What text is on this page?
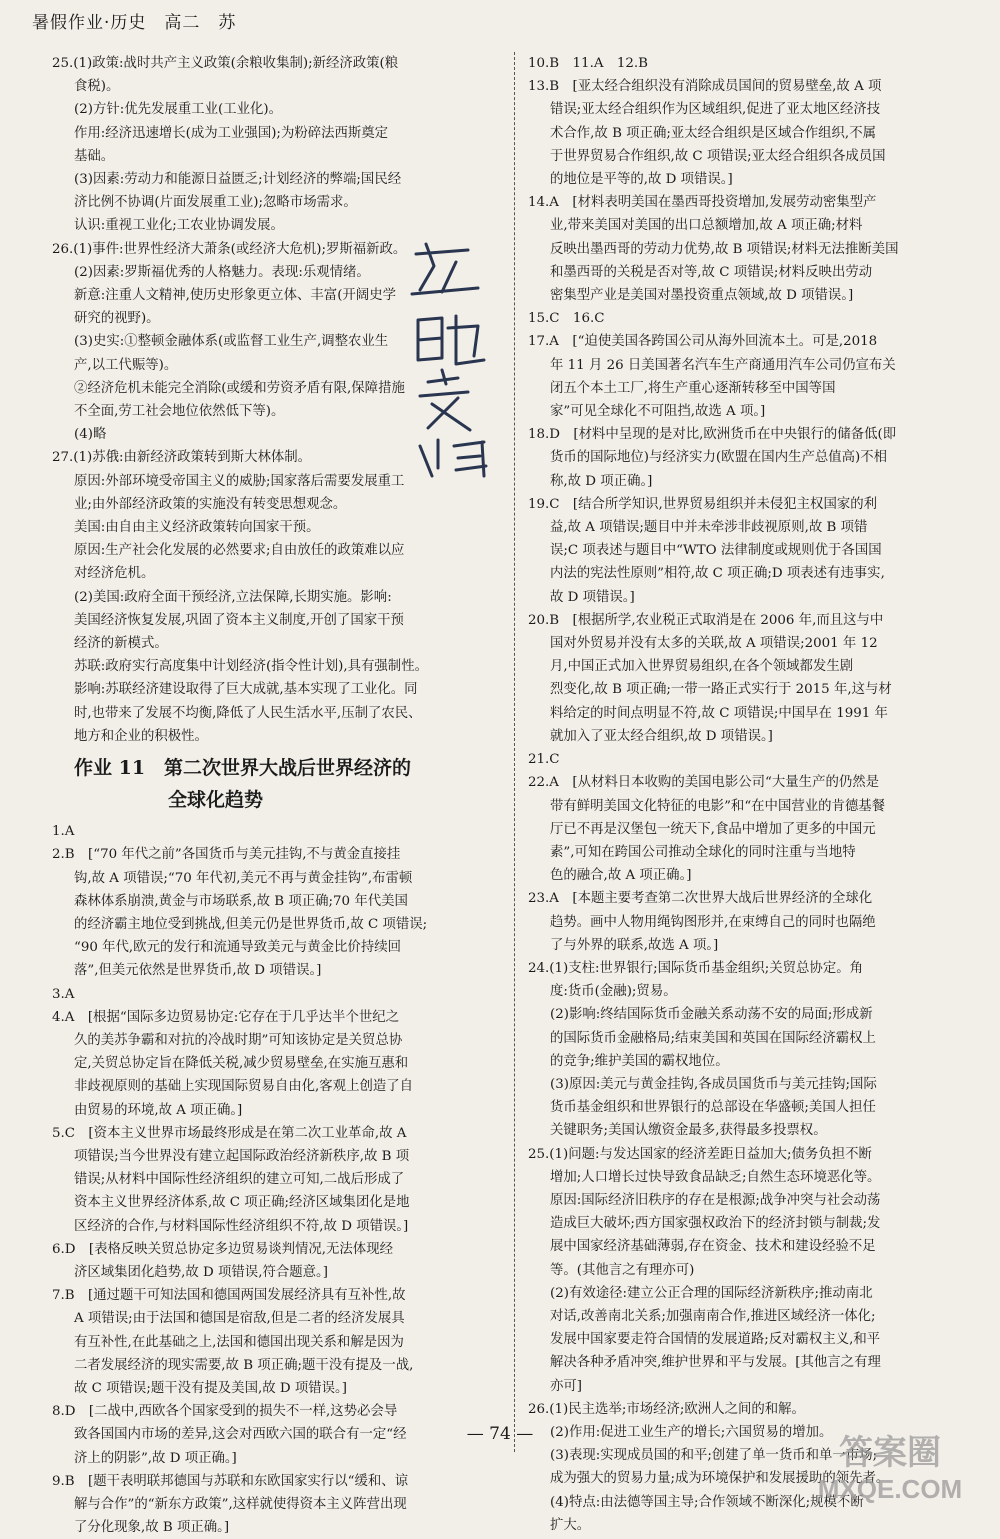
暑假作业·历史　高二　苏
25.(1)政策:战时共产主义政策(余粮收集制);新经济政策(粮
食税)。
(2)方针:优先发展重工业(工业化)。
作用:经济迅速增长(成为工业强国);为粉碎法西斯奠定
基础。
(3)因素:劳动力和能源日益匮乏;计划经济的弊端;国民经
济比例不协调(片面发展重工业);忽略市场需求。
认识:重视工业化;工农业协调发展。
26.(1)事件:世界性经济大萧条(或经济大危机);罗斯福新政。
(2)因素:罗斯福优秀的人格魅力。表现:乐观情绪。
新意:注重人文精神,使历史形象更立体、丰富(开阔史学
研究的视野)。
(3)史实:①整顿金融体系(或监督工业生产,调整农业生
产,以工代赈等)。
②经济危机未能完全消除(或缓和劳资矛盾有限,保障措施
不全面,劳工社会地位依然低下等)。
(4)略
27.(1)苏俄:由新经济政策转到斯大林体制。
原因:外部环境受帝国主义的威胁;国家落后需要发展重工
业;由外部经济政策的实施没有转变思想观念。
美国:由自由主义经济政策转向国家干预。
原因:生产社会化发展的必然要求;自由放任的政策难以应
对经济危机。
(2)美国:政府全面干预经济,立法保障,长期实施。影响:
美国经济恢复发展,巩固了资本主义制度,开创了国家干预
经济的新模式。
苏联:政府实行高度集中计划经济(指令性计划),具有强制性。
影响:苏联经济建设取得了巨大成就,基本实现了工业化。同
时,也带来了发展不均衡,降低了人民生活水平,压制了农民、
地方和企业的积极性。
作业 11　第二次世界大战后世界经济的
全球化趋势
1.A
2.B　[“70 年代之前”各国货币与美元挂钩,不与黄金直接挂
钩,故 A 项错误;“70 年代初,美元不再与黄金挂钩”,布雷顿
森林体系崩溃,黄金与市场联系,故 B 项正确;70 年代美国
的经济霸主地位受到挑战,但美元仍是世界货币,故 C 项错误;
“90 年代,欧元的发行和流通导致美元与黄金比价持续回
落”,但美元依然是世界货币,故 D 项错误。]
3.A
4.A　[根据“国际多边贸易协定:它存在于几乎达半个世纪之
久的美苏争霸和对抗的冷战时期”可知该协定是关贸总协
定,关贸总协定旨在降低关税,减少贸易壁垒,在实施互惠和
非歧视原则的基础上实现国际贸易自由化,客观上创造了自
由贸易的环境,故 A 项正确。]
5.C　[资本主义世界市场最终形成是在第二次工业革命,故 A
项错误;当今世界没有建立起国际政治经济新秩序,故 B 项
错误;从材料中国际性经济组织的建立可知,二战后形成了
资本主义世界经济体系,故 C 项正确;经济区域集团化是地
区经济的合作,与材料国际性经济组织不符,故 D 项错误。]
6.D　[表格反映关贸总协定多边贸易谈判情况,无法体现经
济区域集团化趋势,故 D 项错误,符合题意。]
7.B　[通过题干可知法国和德国两国发展经济具有互补性,故
A 项错误;由于法国和德国是宿敌,但是二者的经济发展具
有互补性,在此基础之上,法国和德国出现关系和解是因为
二者发展经济的现实需要,故 B 项正确;题干没有提及一战,
故 C 项错误;题干没有提及美国,故 D 项错误。]
8.D　[二战中,西欧各个国家受到的损失不一样,这势必会导
致各国国内市场的差异,这会对西欧六国的联合有一定“经
济上的阴影”,故 D 项正确。]
9.B　[题干表明联邦德国与苏联和东欧国家实行以“缓和、谅
解与合作”的“新东方政策”,这样就使得资本主义阵营出现
了分化现象,故 B 项正确。]
10.B　11.A　12.B
13.B　[亚太经合组织没有消除成员国间的贸易壁垒,故 A 项
错误;亚太经合组织作为区域组织,促进了亚太地区经济技
术合作,故 B 项正确;亚太经合组织是区域合作组织,不属
于世界贸易合作组织,故 C 项错误;亚太经合组织各成员国
的地位是平等的,故 D 项错误。]
14.A　[材料表明美国在墨西哥投资增加,发展劳动密集型产
业,带来美国对美国的出口总额增加,故 A 项正确;材料
反映出墨西哥的劳动力优势,故 B 项错误;材料无法推断美国
和墨西哥的关税是否对等,故 C 项错误;材料反映出劳动
密集型产业是美国对墨投资重点领域,故 D 项错误。]
15.C　16.C
17.A　[“迫使美国各跨国公司从海外回流本土。可是,2018
年 11 月 26 日美国著名汽车生产商通用汽车公司仍宣布关
闭五个本土工厂,将生产重心逐渐转移至中国等国
家”可见全球化不可阻挡,故选 A 项。]
18.D　[材料中呈现的是对比,欧洲货币在中央银行的储备低(即
货币的国际地位)与经济实力(欧盟在国内生产总值高)不相
称,故 D 项正确。]
19.C　[结合所学知识,世界贸易组织并未侵犯主权国家的利
益,故 A 项错误;题目中并未牵涉非歧视原则,故 B 项错
误;C 项表述与题目中“WTO 法律制度或规则优于各国国
内法的宪法性原则”相符,故 C 项正确;D 项表述有违事实,
故 D 项错误。]
20.B　[根据所学,农业税正式取消是在 2006 年,而且这与中
国对外贸易并没有太多的关联,故 A 项错误;2001 年 12
月,中国正式加入世界贸易组织,在各个领域都发生剧
烈变化,故 B 项正确;一带一路正式实行于 2015 年,这与材
料给定的时间点明显不符,故 C 项错误;中国早在 1991 年
就加入了亚太经合组织,故 D 项错误。]
21.C
22.A　[从材料日本收购的美国电影公司“大量生产的仍然是
带有鲜明美国文化特征的电影”和“在中国营业的肯德基餐
厅已不再是汉堡包一统天下,食品中增加了更多的中国元
素”,可知在跨国公司推动全球化的同时注重与当地特
色的融合,故 A 项正确。]
23.A　[本题主要考查第二次世界大战后世界经济的全球化
趋势。画中人物用绳钩图形并,在束缚自己的同时也隔绝
了与外界的联系,故选 A 项。]
24.(1)支柱:世界银行;国际货币基金组织;关贸总协定。角
度:货币(金融);贸易。
(2)影响:终结国际货币金融关系动荡不安的局面;形成新
的国际货币金融格局;结束美国和英国在国际经济霸权上
的竞争;维护美国的霸权地位。
(3)原因:美元与黄金挂钩,各成员国货币与美元挂钩;国际
货币基金组织和世界银行的总部设在华盛顿;美国人担任
关键职务;美国认缴资金最多,获得最多投票权。
25.(1)问题:与发达国家的经济差距日益加大;债务负担不断
增加;人口增长过快导致食品缺乏;自然生态环境恶化等。
原因:国际经济旧秩序的存在是根源;战争冲突与社会动荡
造成巨大破坏;西方国家强权政治下的经济封锁与制裁;发
展中国家经济基础薄弱,存在资金、技术和建设经验不足
等。(其他言之有理亦可)
(2)有效途径:建立公正合理的国际经济新秩序;推动南北
对话,改善南北关系;加强南南合作,推进区域经济一体化;
发展中国家要走符合国情的发展道路;反对霸权主义,和平
解决各种矛盾冲突,维护世界和平与发展。[其他言之有理
亦可]
26.(1)民主选举;市场经济;欧洲人之间的和解。
(2)作用:促进工业生产的增长;六国贸易的增加。
(3)表现:实现成员国的和平;创建了单一货币和单一市场;
成为强大的贸易力量;成为环境保护和发展援助的领先者。
(4)特点:由法德等国主导;合作领域不断深化;规模不断
扩大。
— 74 —	答案圈
MXQE.COM
